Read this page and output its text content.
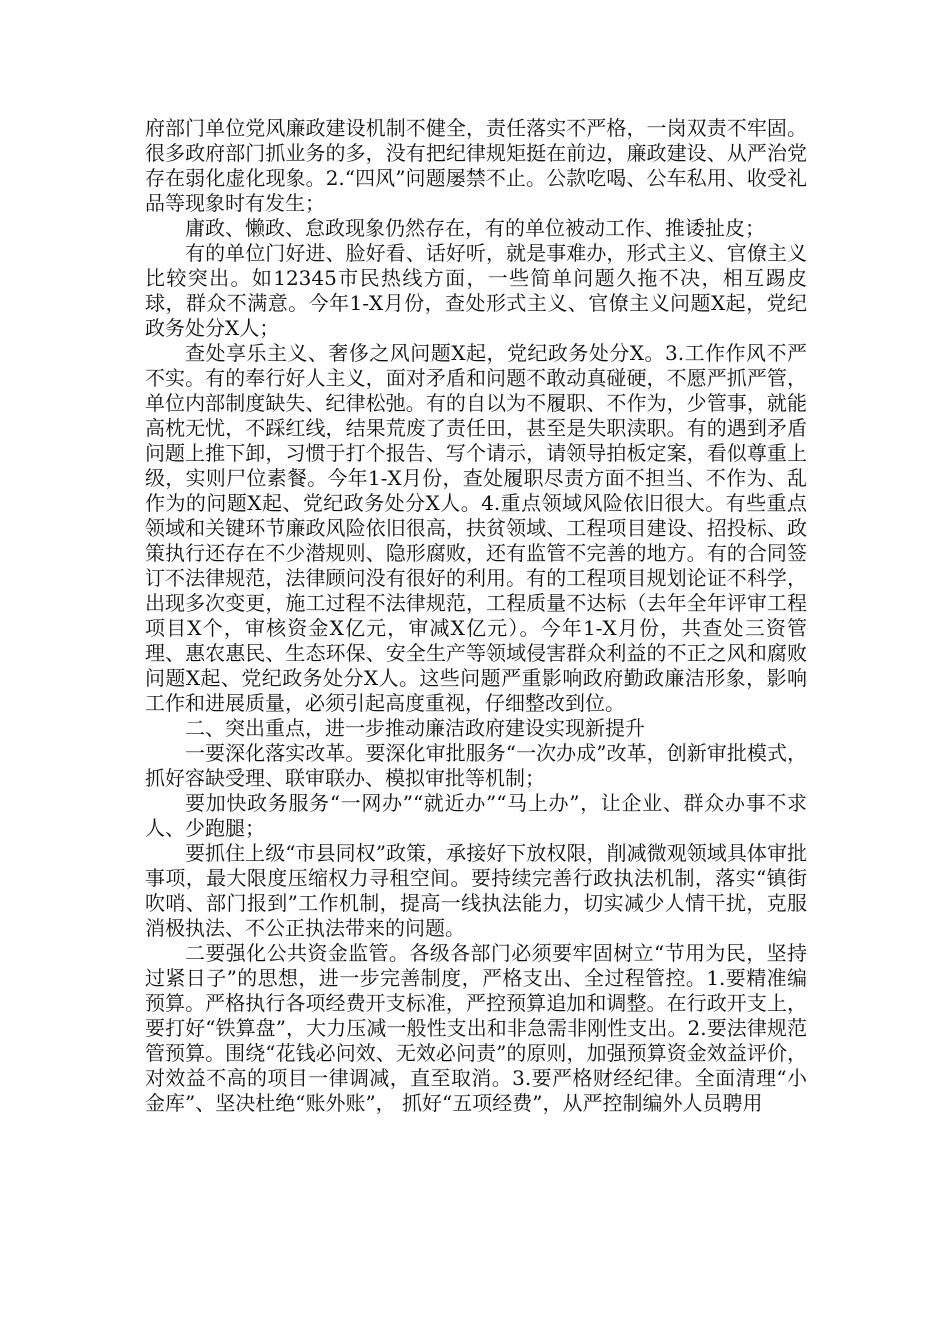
府部门单位党风廉政建设机制不健全，责任落实不严格，一岗双责不牢固。很多政府部门抓业务的多，没有把纪律规矩挺在前边，廉政建设、从严治党存在弱化虚化现象。2.“四风”问题屡禁不止。公款吃喝、公车私用、收受礼品等现象时有发生；

庸政、懒政、怠政现象仍然存在，有的单位被动工作、推诿扯皮；

有的单位门好进、脸好看、话好听，就是事难办，形式主义、官僚主义比较突出。如12345市民热线方面，一些简单问题久拖不决，相互踢皮球，群众不满意。今年1-X月份，查处形式主义、官僚主义问题X起，党纪政务处分X人；

查处享乐主义、奢侈之风问题X起，党纪政务处分X。3.工作作风不严不实。有的奉行好人主义，面对矛盾和问题不敢动真碰硬，不愿严抓严管，单位内部制度缺失、纪律松弛。有的自以为不履职、不作为，少管事，就能高枕无忧，不踩红线，结果荒废了责任田，甚至是失职渎职。有的遇到矛盾问题上推下卸，习惯于打个报告、写个请示，请领导拍板定案，看似尊重上级，实则尸位素餐。今年1-X月份，查处履职尽责方面不担当、不作为、乱作为的问题X起、党纪政务处分X人。4.重点领域风险依旧很大。有些重点领域和关键环节廉政风险依旧很高，扶贫领域、工程项目建设、招投标、政策执行还存在不少潜规则、隐形腐败，还有监管不完善的地方。有的合同签订不法律规范，法律顾问没有很好的利用。有的工程项目规划论证不科学，出现多次变更，施工过程不法律规范，工程质量不达标（去年全年评审工程项目X个，审核资金X亿元，审减X亿元）。今年1-X月份，共查处三资管理、惠农惠民、生态环保、安全生产等领域侵害群众利益的不正之风和腐败问题X起、党纪政务处分X人。这些问题严重影响政府勤政廉洁形象，影响工作和进展质量，必须引起高度重视，仔细整改到位。

二、突出重点，进一步推动廉洁政府建设实现新提升

一要深化落实改革。要深化审批服务“一次办成”改革，创新审批模式，抓好容缺受理、联审联办、模拟审批等机制；

要加快政务服务“一网办”“就近办”“马上办”，让企业、群众办事不求人、少跑腿；

要抓住上级“市县同权”政策，承接好下放权限，削减微观领域具体审批事项，最大限度压缩权力寻租空间。要持续完善行政执法机制，落实“镇街吹哨、部门报到”工作机制，提高一线执法能力，切实减少人情干扰，克服消极执法、不公正执法带来的问题。

二要强化公共资金监管。各级各部门必须要牢固树立“节用为民，坚持过紧日子”的思想，进一步完善制度，严格支出、全过程管控。1.要精准编预算。严格执行各项经费开支标准，严控预算追加和调整。在行政开支上，要打好“铁算盘”，大力压减一般性支出和非急需非刚性支出。2.要法律规范管预算。围绕“花钱必问效、无效必问责”的原则，加强预算资金效益评价，对效益不高的项目一律调减，直至取消。3.要严格财经纪律。全面清理“小金库”、坚决杜绝“账外账”， 抓好“五项经费”，从严控制编外人员聘用
